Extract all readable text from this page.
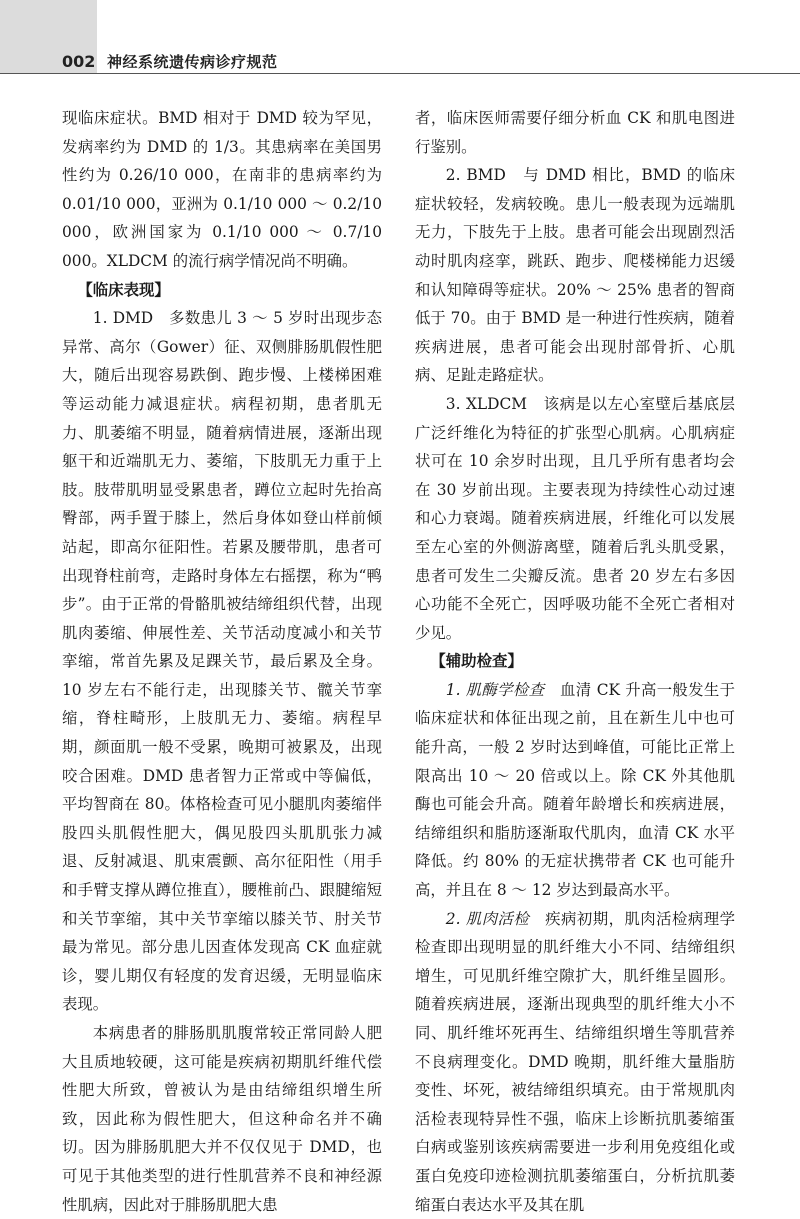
002 神经系统遗传病诊疗规范

现临床症状。BMD 相对于 DMD 较为罕见，发病率约为 DMD 的 1/3。其患病率在美国男性约为 0.26/10 000，在南非的患病率约为 0.01/10 000，亚洲为 0.1/10 000 ～ 0.2/10 000，欧洲国家为 0.1/10 000 ～ 0.7/10 000。XLDCM 的流行病学情况尚不明确。

【临床表现】

1. DMD　多数患儿 3 ～ 5 岁时出现步态异常、高尔（Gower）征、双侧腓肠肌假性肥大，随后出现容易跌倒、跑步慢、上楼梯困难等运动能力减退症状。病程初期，患者肌无力、肌萎缩不明显，随着病情进展，逐渐出现躯干和近端肌无力、萎缩，下肢肌无力重于上肢。肢带肌明显受累患者，蹲位立起时先抬高臀部，两手置于膝上，然后身体如登山样前倾站起，即高尔征阳性。若累及腰带肌，患者可出现脊柱前弯，走路时身体左右摇摆，称为“鸭步”。由于正常的骨骼肌被结缔组织代替，出现肌肉萎缩、伸展性差、关节活动度减小和关节挛缩，常首先累及足踝关节，最后累及全身。10 岁左右不能行走，出现膝关节、髋关节挛缩，脊柱畸形，上肢肌无力、萎缩。病程早期，颜面肌一般不受累，晚期可被累及，出现咬合困难。DMD 患者智力正常或中等偏低，平均智商在 80。体格检查可见小腿肌肉萎缩伴股四头肌假性肥大，偶见股四头肌肌张力减退、反射减退、肌束震颤、高尔征阳性（用手和手臂支撑从蹲位推直），腰椎前凸、跟腱缩短和关节挛缩，其中关节挛缩以膝关节、肘关节最为常见。部分患儿因查体发现高 CK 血症就诊，婴儿期仅有轻度的发育迟缓，无明显临床表现。

本病患者的腓肠肌肌腹常较正常同龄人肥大且质地较硬，这可能是疾病初期肌纤维代偿性肥大所致，曾被认为是由结缔组织增生所致，因此称为假性肥大，但这种命名并不确切。因为腓肠肌肥大并不仅仅见于 DMD，也可见于其他类型的进行性肌营养不良和神经源性肌病，因此对于腓肠肌肥大患

者，临床医师需要仔细分析血 CK 和肌电图进行鉴别。

2. BMD　与 DMD 相比，BMD 的临床症状较轻，发病较晚。患儿一般表现为远端肌无力，下肢先于上肢。患者可能会出现剧烈活动时肌肉痉挛，跳跃、跑步、爬楼梯能力迟缓和认知障碍等症状。20% ～ 25% 患者的智商低于 70。由于 BMD 是一种进行性疾病，随着疾病进展，患者可能会出现肘部骨折、心肌病、足趾走路症状。

3. XLDCM　该病是以左心室壁后基底层广泛纤维化为特征的扩张型心肌病。心肌病症状可在 10 余岁时出现，且几乎所有患者均会在 30 岁前出现。主要表现为持续性心动过速和心力衰竭。随着疾病进展，纤维化可以发展至左心室的外侧游离壁，随着后乳头肌受累，患者可发生二尖瓣反流。患者 20 岁左右多因心功能不全死亡，因呼吸功能不全死亡者相对少见。

【辅助检查】

1. 肌酶学检查　血清 CK 升高一般发生于临床症状和体征出现之前，且在新生儿中也可能升高，一般 2 岁时达到峰值，可能比正常上限高出 10 ～ 20 倍或以上。除 CK 外其他肌酶也可能会升高。随着年龄增长和疾病进展，结缔组织和脂肪逐渐取代肌肉，血清 CK 水平降低。约 80% 的无症状携带者 CK 也可能升高，并且在 8 ～ 12 岁达到最高水平。

2. 肌肉活检　疾病初期，肌肉活检病理学检查即出现明显的肌纤维大小不同、结缔组织增生，可见肌纤维空隙扩大，肌纤维呈圆形。随着疾病进展，逐渐出现典型的肌纤维大小不同、肌纤维坏死再生、结缔组织增生等肌营养不良病理变化。DMD 晚期，肌纤维大量脂肪变性、坏死，被结缔组织填充。由于常规肌肉活检表现特异性不强，临床上诊断抗肌萎缩蛋白病或鉴别该疾病需要进一步利用免疫组化或蛋白免疫印迹检测抗肌萎缩蛋白，分析抗肌萎缩蛋白表达水平及其在肌
